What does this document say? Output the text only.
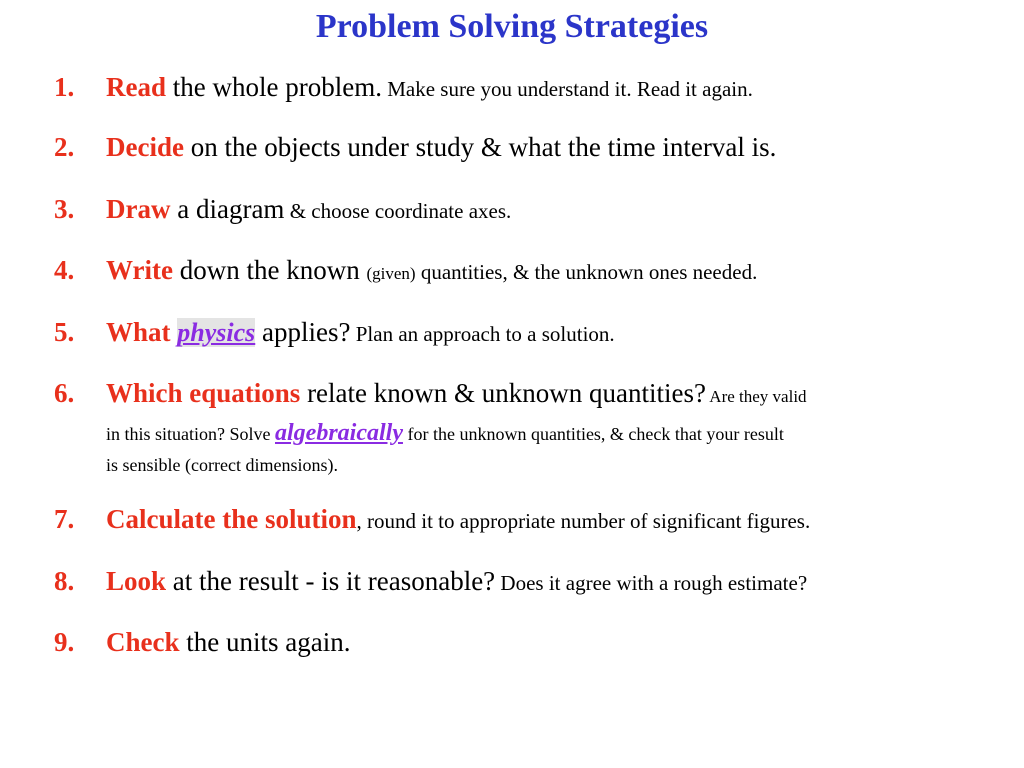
Problem Solving Strategies
1. Read the whole problem. Make sure you understand it. Read it again.
2. Decide on the objects under study & what the time interval is.
3. Draw a diagram & choose coordinate axes.
4. Write down the known (given) quantities, & the unknown ones needed.
5. What physics applies? Plan an approach to a solution.
6. Which equations relate known & unknown quantities? Are they valid
in this situation? Solve algebraically for the unknown quantities, & check that your result
is sensible (correct dimensions).
7. Calculate the solution, round it to appropriate number of significant figures.
8. Look at the result - is it reasonable? Does it agree with a rough estimate?
9. Check the units again.
